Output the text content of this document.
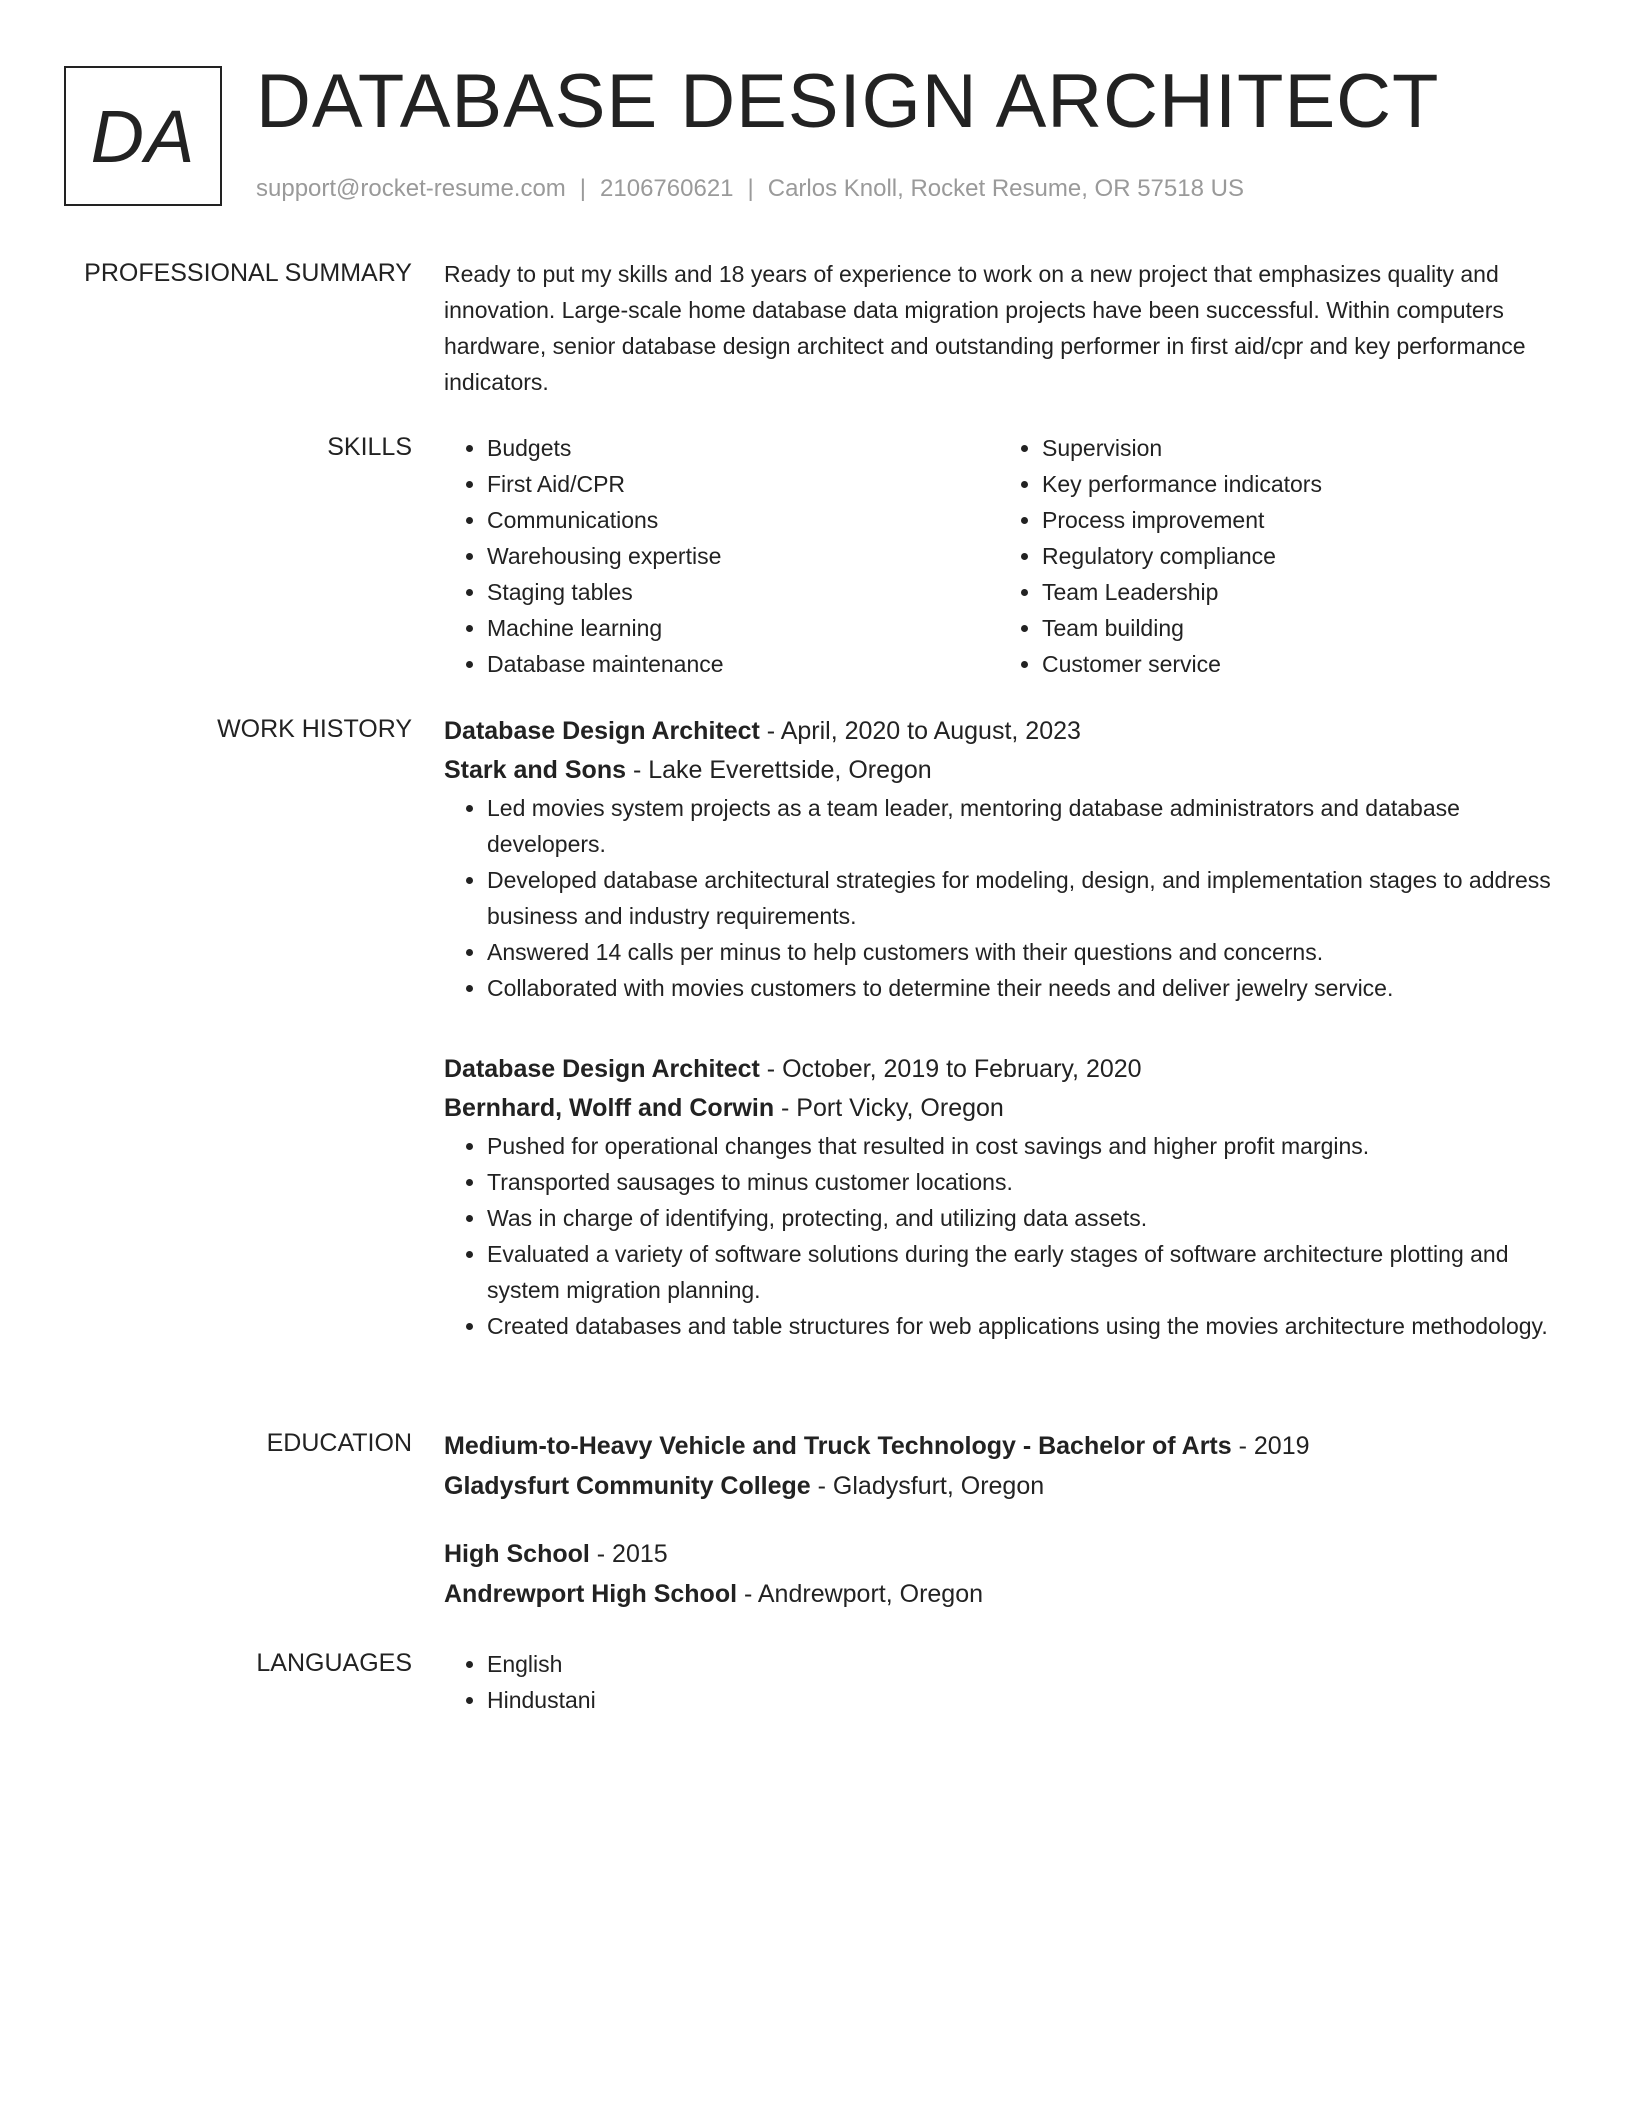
DA DATABASE DESIGN ARCHITECT
support@rocket-resume.com | 2106760621 | Carlos Knoll, Rocket Resume, OR 57518 US
PROFESSIONAL SUMMARY Ready to put my skills and 18 years of experience to work on a new project that emphasizes quality and innovation. Large-scale home database data migration projects have been successful. Within computers hardware, senior database design architect and outstanding performer in first aid/cpr and key performance indicators.

SKILLS	• Budgets
• First Aid/CPR
• Communications
• Warehousing expertise
• Staging tables
• Machine learning
• Database maintenance
• Supervision
• Key performance indicators
• Process improvement
• Regulatory compliance
• Team Leadership
• Team building
• Customer service
WORK HISTORY Database Design Architect - April, 2020 to August, 2023
Stark and Sons - Lake Everettside, Oregon
• Led movies system projects as a team leader, mentoring database administrators and database developers.
• Developed database architectural strategies for modeling, design, and implementation stages to address business and industry requirements.
• Answered 14 calls per minus to help customers with their questions and concerns.
• Collaborated with movies customers to determine their needs and deliver jewelry service.
Database Design Architect - October, 2019 to February, 2020
Bernhard, Wolff and Corwin - Port Vicky, Oregon
• Pushed for operational changes that resulted in cost savings and higher profit margins.
• Transported sausages to minus customer locations.
• Was in charge of identifying, protecting, and utilizing data assets.
• Evaluated a variety of software solutions during the early stages of software architecture plotting and system migration planning.
• Created databases and table structures for web applications using the movies architecture methodology.
EDUCATION Medium-to-Heavy Vehicle and Truck Technology - Bachelor of Arts - 2019
Gladysfurt Community College - Gladysfurt, Oregon
High School - 2015
Andrewport High School - Andrewport, Oregon
LANGUAGES	• English
• Hindustani
